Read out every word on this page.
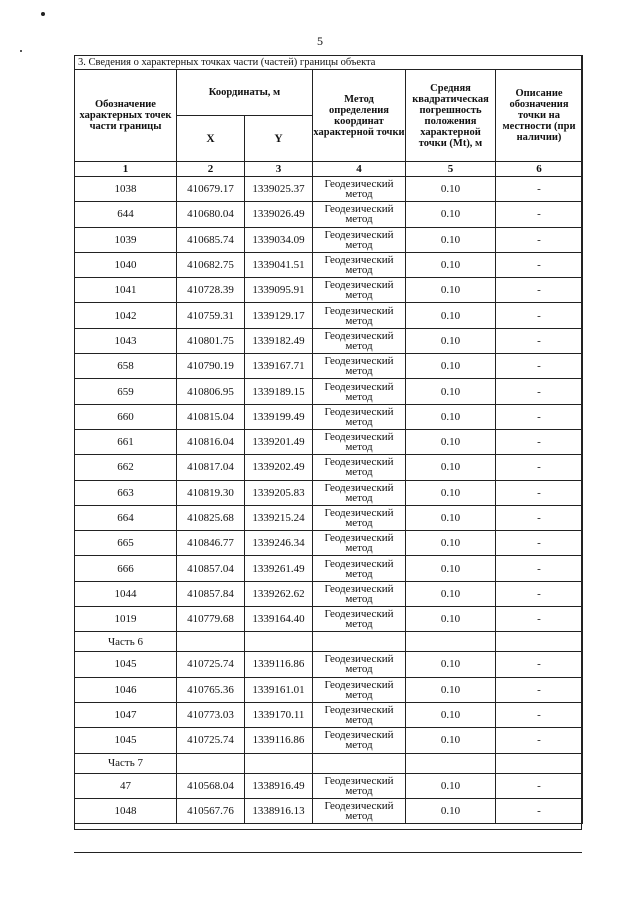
5
3. Сведения о характерных точках части (частей) границы объекта					
Обозначение характерных точек части границы	Координаты, м		Метод определения координат характерной точки	Средняя квадратическая погрешность положения характерной точки (Mt), м	Описание обозначения точки на местности (при наличии)
	X	Y			
1	2	3	4	5	6
1038	410679.17	1339025.37	Геодезический метод	0.10	-
644	410680.04	1339026.49	Геодезический метод	0.10	-
1039	410685.74	1339034.09	Геодезический метод	0.10	-
1040	410682.75	1339041.51	Геодезический метод	0.10	-
1041	410728.39	1339095.91	Геодезический метод	0.10	-
1042	410759.31	1339129.17	Геодезический метод	0.10	-
1043	410801.75	1339182.49	Геодезический метод	0.10	-
658	410790.19	1339167.71	Геодезический метод	0.10	-
659	410806.95	1339189.15	Геодезический метод	0.10	-
660	410815.04	1339199.49	Геодезический метод	0.10	-
661	410816.04	1339201.49	Геодезический метод	0.10	-
662	410817.04	1339202.49	Геодезический метод	0.10	-
663	410819.30	1339205.83	Геодезический метод	0.10	-
664	410825.68	1339215.24	Геодезический метод	0.10	-
665	410846.77	1339246.34	Геодезический метод	0.10	-
666	410857.04	1339261.49	Геодезический метод	0.10	-
1044	410857.84	1339262.62	Геодезический метод	0.10	-
1019	410779.68	1339164.40	Геодезический метод	0.10	-
Часть 6					
1045	410725.74	1339116.86	Геодезический метод	0.10	-
1046	410765.36	1339161.01	Геодезический метод	0.10	-
1047	410773.03	1339170.11	Геодезический метод	0.10	-
1045	410725.74	1339116.86	Геодезический метод	0.10	-
Часть 7					
47	410568.04	1338916.49	Геодезический метод	0.10	-
1048	410567.76	1338916.13	Геодезический метод	0.10	-
